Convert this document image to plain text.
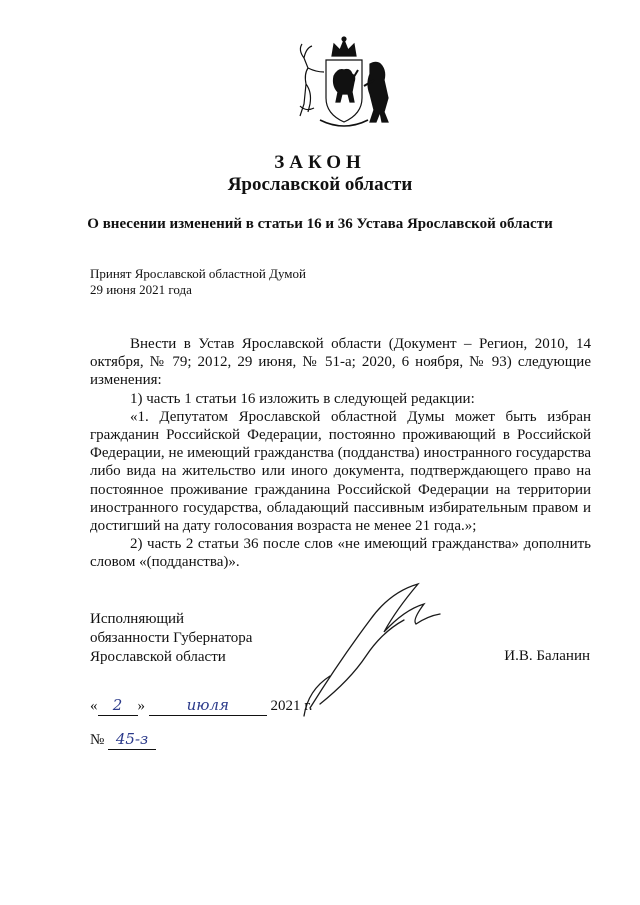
ЗАКОН
Ярославской области
О внесении изменений в статьи 16 и 36 Устава Ярославской области
Принят Ярославской областной Думой
29 июня 2021 года

Внести в Устав Ярославской области (Документ – Регион, 2010, 14 октября, № 79; 2012, 29 июня, № 51-а; 2020, 6 ноября, № 93) следующие изменения:

1) часть 1 статьи 16 изложить в следующей редакции:

«1. Депутатом Ярославской областной Думы может быть избран гражданин Российской Федерации, постоянно проживающий в Российской Федерации, не имеющий гражданства (подданства) иностранного государства либо вида на жительство или иного документа, подтверждающего право на постоянное проживание гражданина Российской Федерации на территории иностранного государства, обладающий пассивным избирательным правом и достигший на дату голосования возраста не менее 21 года.»;

2) часть 2 статьи 36 после слов «не имеющий гражданства» дополнить словом «(подданства)».

Исполняющий
обязанности Губернатора
Ярославской области	И.В. Баланин
« 2 »	июля	2021 г.
№ 45-з
